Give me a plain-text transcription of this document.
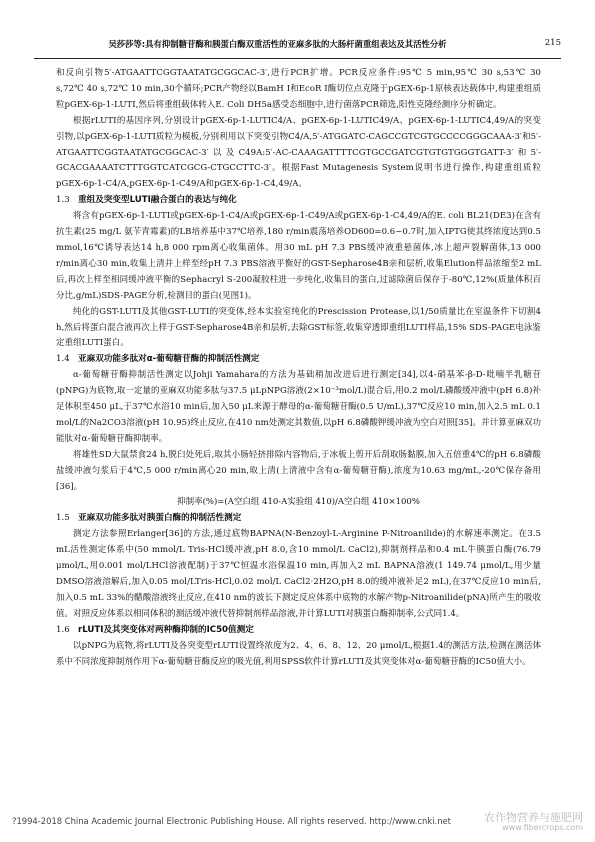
吴莎莎等:具有抑制糖苷酶和胰蛋白酶双重活性的亚麻多肽的大肠杆菌重组表达及其活性分析	215

和反向引物5′-ATGAATTCGGTAATATGCGGCAC-3′,进行PCR扩增。PCR反应条件:95℃ 5 min,95℃ 30 s,53℃ 30 s,72℃ 40 s,72℃ 10 min,30个循环;PCR产物经以BamH Ⅰ和EcoR Ⅰ酶切位点克隆于pGEX-6p-1原核表达载体中,构建重组质粒pGEX-6p-1-LUTI,然后将重组载体转入E. Coli DH5a感受态细胞中,进行菌落PCR筛选,阳性克隆经测序分析确定。

根据rLUTI的基因序列,分别设计pGEX-6p-1-LUTIC4/A、pGEX-6p-1-LUTIC49/A、pGEX-6p-1-LUTIC4,49/A的突变引物,以pGEX-6p-1-LUTI质粒为模板,分别利用以下突变引物C4/A,5′-ATGGATC-CAGCCGTCGTGCCCCGGGCAAA-3′和5′-ATGAATTCGGTAATATGCGGCAC-3′以及C49A:5′-AC-CAAAGATTTTCGTGCCGATCGTGTGTGGGTGATT-3′和5′-GCACGAAAATCTTTGGTCATCGCG-CTGCCTTC-3′。根据Fast Mutagenesis System说明书进行操作,构建重组质粒pGEX-6p-1-C4/A,pGEX-6p-1-C49/A和pGEX-6p-1-C4,49/A。

1.3 重组及突变型LUTI融合蛋白的表达与纯化

将含有pGEX-6p-1-LUTI或pGEX-6p-1-C4/A或pGEX-6p-1-C49/A或pGEX-6p-1-C4,49/A的E. coli BL21(DE3)在含有抗生素(25 mg/L 氨苄青霉素)的LB培养基中37℃培养,180 r/min震荡培养OD600=0.6~0.7时,加入IPTG使其终浓度达到0.5 mmol,16℃诱导表达14 h,8 000 rpm离心收集菌体。用30 mL pH 7.3 PBS缓冲液重悬菌体,冰上超声裂解菌体,13 000 r/min离心30 min,收集上清并上样至经pH 7.3 PBS溶液平衡好的GST-Sepharose4B亲和层析,收集Elution样品浓缩至2 mL后,再次上样至相同缓冲液平衡的Sephacryl S-200凝胶柱进一步纯化,收集目的蛋白,过滤除菌后保存于-80℃,12%(质量体积百分比,g/mL)SDS-PAGE分析,检测目的蛋白(见图1)。

纯化的GST-LUTI及其他GST-LUTI的突变体,经本实验室纯化的Prescission Protease,以1/50质量比在室温条件下切割4 h,然后将蛋白混合液再次上样于GST-Sepharose4B亲和层析,去除GST标签,收集穿透即重组LUTI样品,15% SDS-PAGE电泳鉴定重组LUTI蛋白。

1.4 亚麻双功能多肽对α-葡萄糖苷酶的抑制活性测定

α-葡萄糖苷酶抑制活性测定以Johji Yamahara的方法为基础稍加改进后进行测定[34],以4-硝基苯-β-D-吡喃半乳糖苷(pNPG)为底物,取一定量的亚麻双功能多肽与37.5 μLpNPG溶液(2×10⁻³mol/L)混合后,用0.2 mol/L磷酸缓冲液中(pH 6.8)补足体积至450 μL,于37℃水浴10 min后,加入50 μL来源于酵母的α-葡萄糖苷酶(0.5 U/mL),37℃反应10 min,加入2.5 mL 0.1 mol/L的Na2CO3溶液(pH 10.95)终止反应,在410 nm处测定其数值,以pH 6.8磷酸钾缓冲液为空白对照[35]。并计算亚麻双功能肽对α-葡萄糖苷酶抑制率。

将雄性SD大鼠禁食24 h,脱臼处死后,取其小肠轻挤排除内容物后,于冰板上剪开后刮取肠黏膜,加入五倍重4℃的pH 6.8磷酸盐缓冲液匀浆后于4℃,5 000 r/min离心20 min,取上清(上清液中含有α-葡萄糖苷酶),浓度为10.63 mg/mL,-20℃保存备用[36]。

抑制率(%)=(A空白组 410-A实验组 410)/A空白组 410×100%
1.5 亚麻双功能多肽对胰蛋白酶的抑制活性测定

测定方法参照Erlanger[36]的方法,通过底物BAPNA(N-Benzoyl-L-Arginine P-Nitroanilide)的水解速率测定。在3.5 mL活性测定体系中(50 mmol/L Tris-HCl缓冲液,pH 8.0,含10 mmol/L CaCl2),抑制剂样品和0.4 mL牛胰蛋白酶(76.79 μmol/L,用0.001 mol/LHCl溶液配制)于37℃恒温水浴保温10 min,再加入2 mL BAPNA溶液(1 149.74 μmol/L,用少量DMSO溶液溶解后,加入0.05 mol/LTris-HCl,0.02 mol/L CaCl2·2H2O,pH 8.0的缓冲液补足2 mL),在37℃反应10 min后,加入0.5 mL 33%的醋酸溶液终止反应,在410 nm的波长下测定反应体系中底物的水解产物p-Nitroanilide(pNA)所产生的吸收值。对照反应体系以相同体积的测活缓冲液代替抑制剂样品溶液,并计算LUTI对胰蛋白酶抑制率,公式同1.4。

1.6 rLUTI及其突变体对两种酶抑制的IC50值测定

以pNPG为底物,将rLUTI及各突变型rLUTI设置终浓度为2、4、6、8、12、20 μmol/L,根据1.4的测活方法,检测在测活体系中不同浓度抑制剂作用下α-葡萄糖苷酶反应的吸光值,利用SPSS软件计算rLUTI及其突变体对α-葡萄糖苷酶的IC50值大小。

?1994-2018 China Academic Journal Electronic Publishing House. All rights reserved. http://www.cnki.net	农作物营养与施肥网
www.fibercrops.com
